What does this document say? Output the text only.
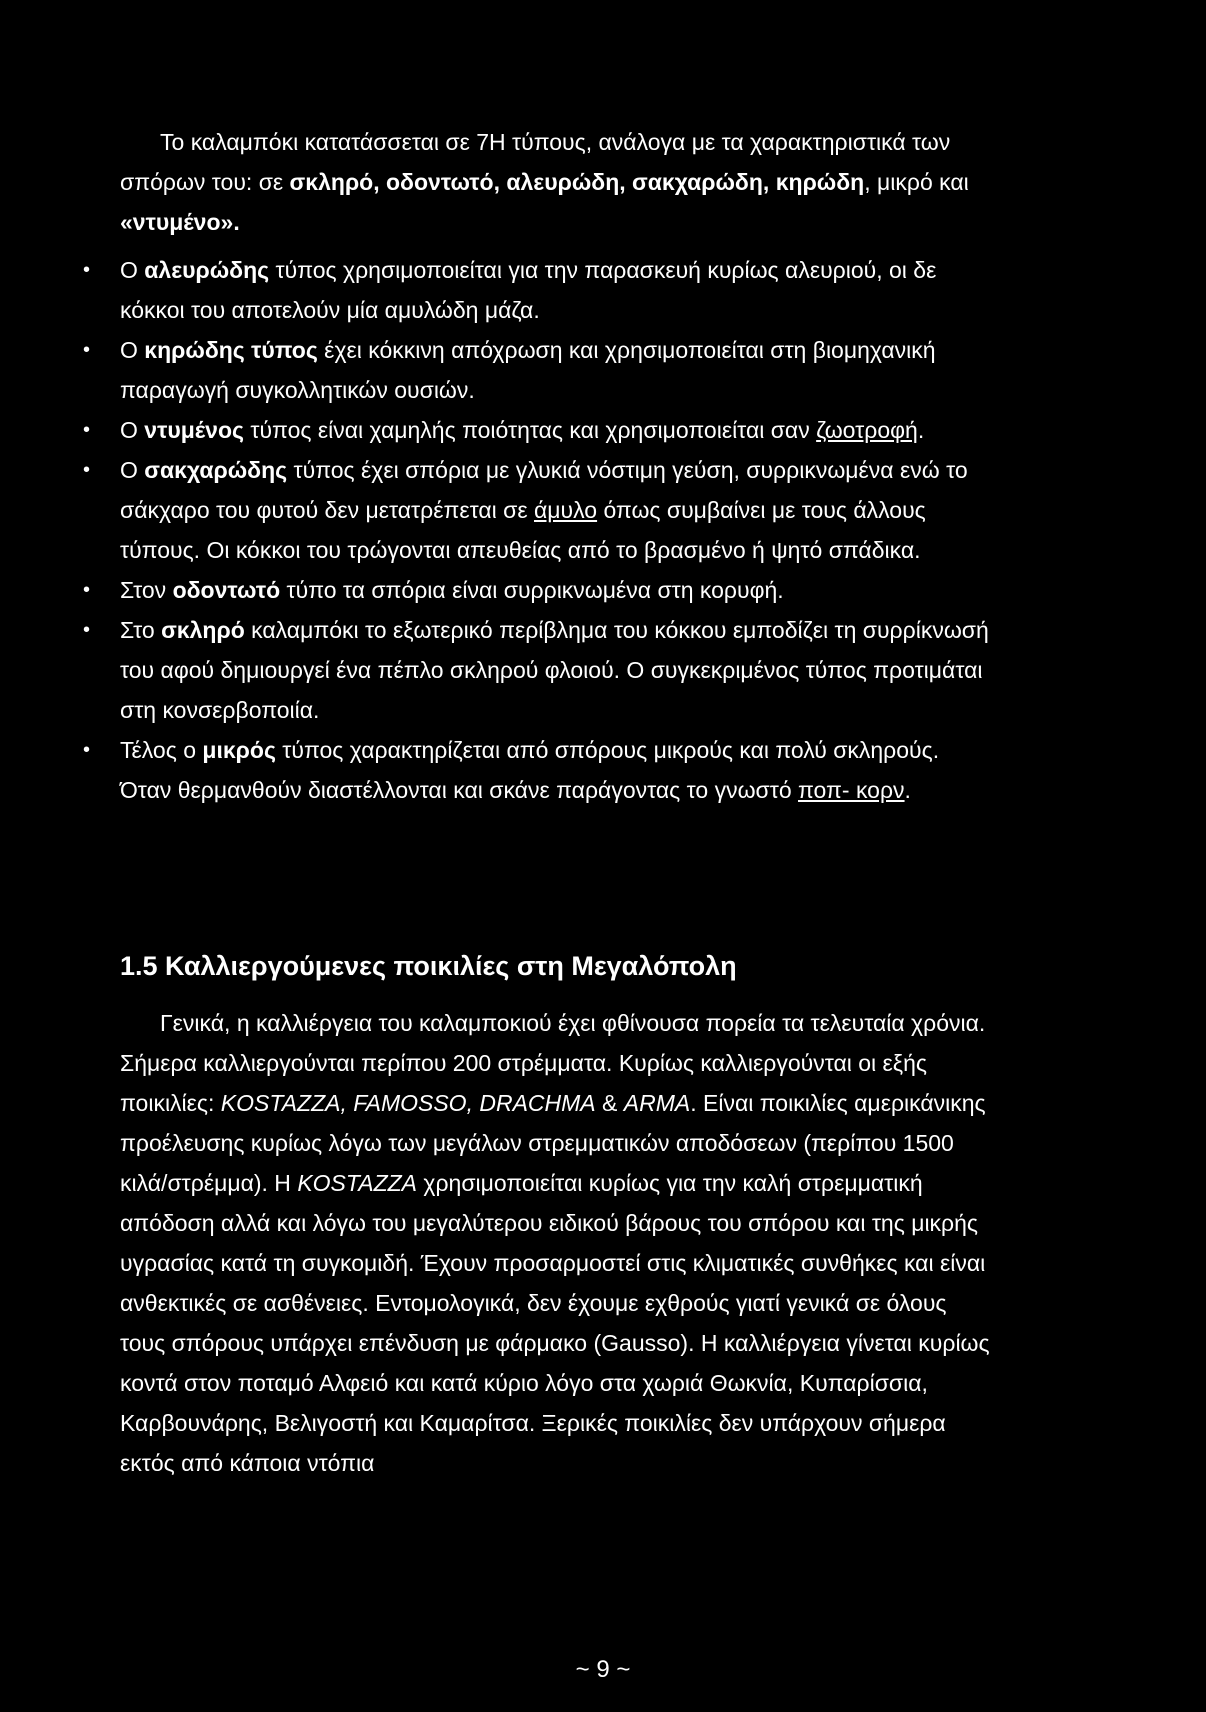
Το καλαμπόκι κατατάσσεται σε 7Η τύπους, ανάλογα με τα χαρακτηριστικά των σπόρων του: σε σκληρό, οδοντωτό, αλευρώδη, σακχαρώδη, κηρώδη, μικρό και «ντυμένο».

• Ο αλευρώδης τύπος χρησιμοποιείται για την παρασκευή κυρίως αλευριού, οι δε κόκκοι του αποτελούν μία αμυλώδη μάζα.
• Ο κηρώδης τύπος έχει κόκκινη απόχρωση και χρησιμοποιείται στη βιομηχανική παραγωγή συγκολλητικών ουσιών.
• Ο ντυμένος τύπος είναι χαμηλής ποιότητας και χρησιμοποιείται σαν ζωοτροφή.
• Ο σακχαρώδης τύπος έχει σπόρια με γλυκιά νόστιμη γεύση, συρρικνωμένα ενώ το σάκχαρο του φυτού δεν μετατρέπεται σε άμυλο όπως συμβαίνει με τους άλλους τύπους. Οι κόκκοι του τρώγονται απευθείας από το βρασμένο ή ψητό σπάδικα.
• Στον οδοντωτό τύπο τα σπόρια είναι συρρικνωμένα στη κορυφή.
• Στο σκληρό καλαμπόκι το εξωτερικό περίβλημα του κόκκου εμποδίζει τη συρρίκνωσή του αφού δημιουργεί ένα πέπλο σκληρού φλοιού. Ο συγκεκριμένος τύπος προτιμάται στη κονσερβοποιία.
• Τέλος ο μικρός τύπος χαρακτηρίζεται από σπόρους μικρούς και πολύ σκληρούς. Όταν θερμανθούν διαστέλλονται και σκάνε παράγοντας το γνωστό ποπ- κορν.
1.5 Καλλιεργούμενες ποικιλίες στη Μεγαλόπολη

Γενικά, η καλλιέργεια του καλαμποκιού έχει φθίνουσα πορεία τα τελευταία χρόνια. Σήμερα καλλιεργούνται περίπου 200 στρέμματα. Κυρίως καλλιεργούνται οι εξής ποικιλίες: KOSTAZZA, FAMOSSO, DRACHMA & ARMA. Είναι ποικιλίες αμερικάνικης προέλευσης κυρίως λόγω των μεγάλων στρεμματικών αποδόσεων (περίπου 1500 κιλά/στρέμμα). Η KOSTAZZA χρησιμοποιείται κυρίως για την καλή στρεμματική απόδοση αλλά και λόγω του μεγαλύτερου ειδικού βάρους του σπόρου και της μικρής υγρασίας κατά τη συγκομιδή. Έχουν προσαρμοστεί στις κλιματικές συνθήκες και είναι ανθεκτικές σε ασθένειες. Εντομολογικά, δεν έχουμε εχθρούς γιατί γενικά σε όλους τους σπόρους υπάρχει επένδυση με φάρμακο (Gausso). Η καλλιέργεια γίνεται κυρίως κοντά στον ποταμό Αλφειό και κατά κύριο λόγο στα χωριά Θωκνία, Κυπαρίσσια, Καρβουνάρης, Βελιγοστή και Καμαρίτσα. Ξερικές ποικιλίες δεν υπάρχουν σήμερα εκτός από κάποια ντόπια

~ 9 ~
